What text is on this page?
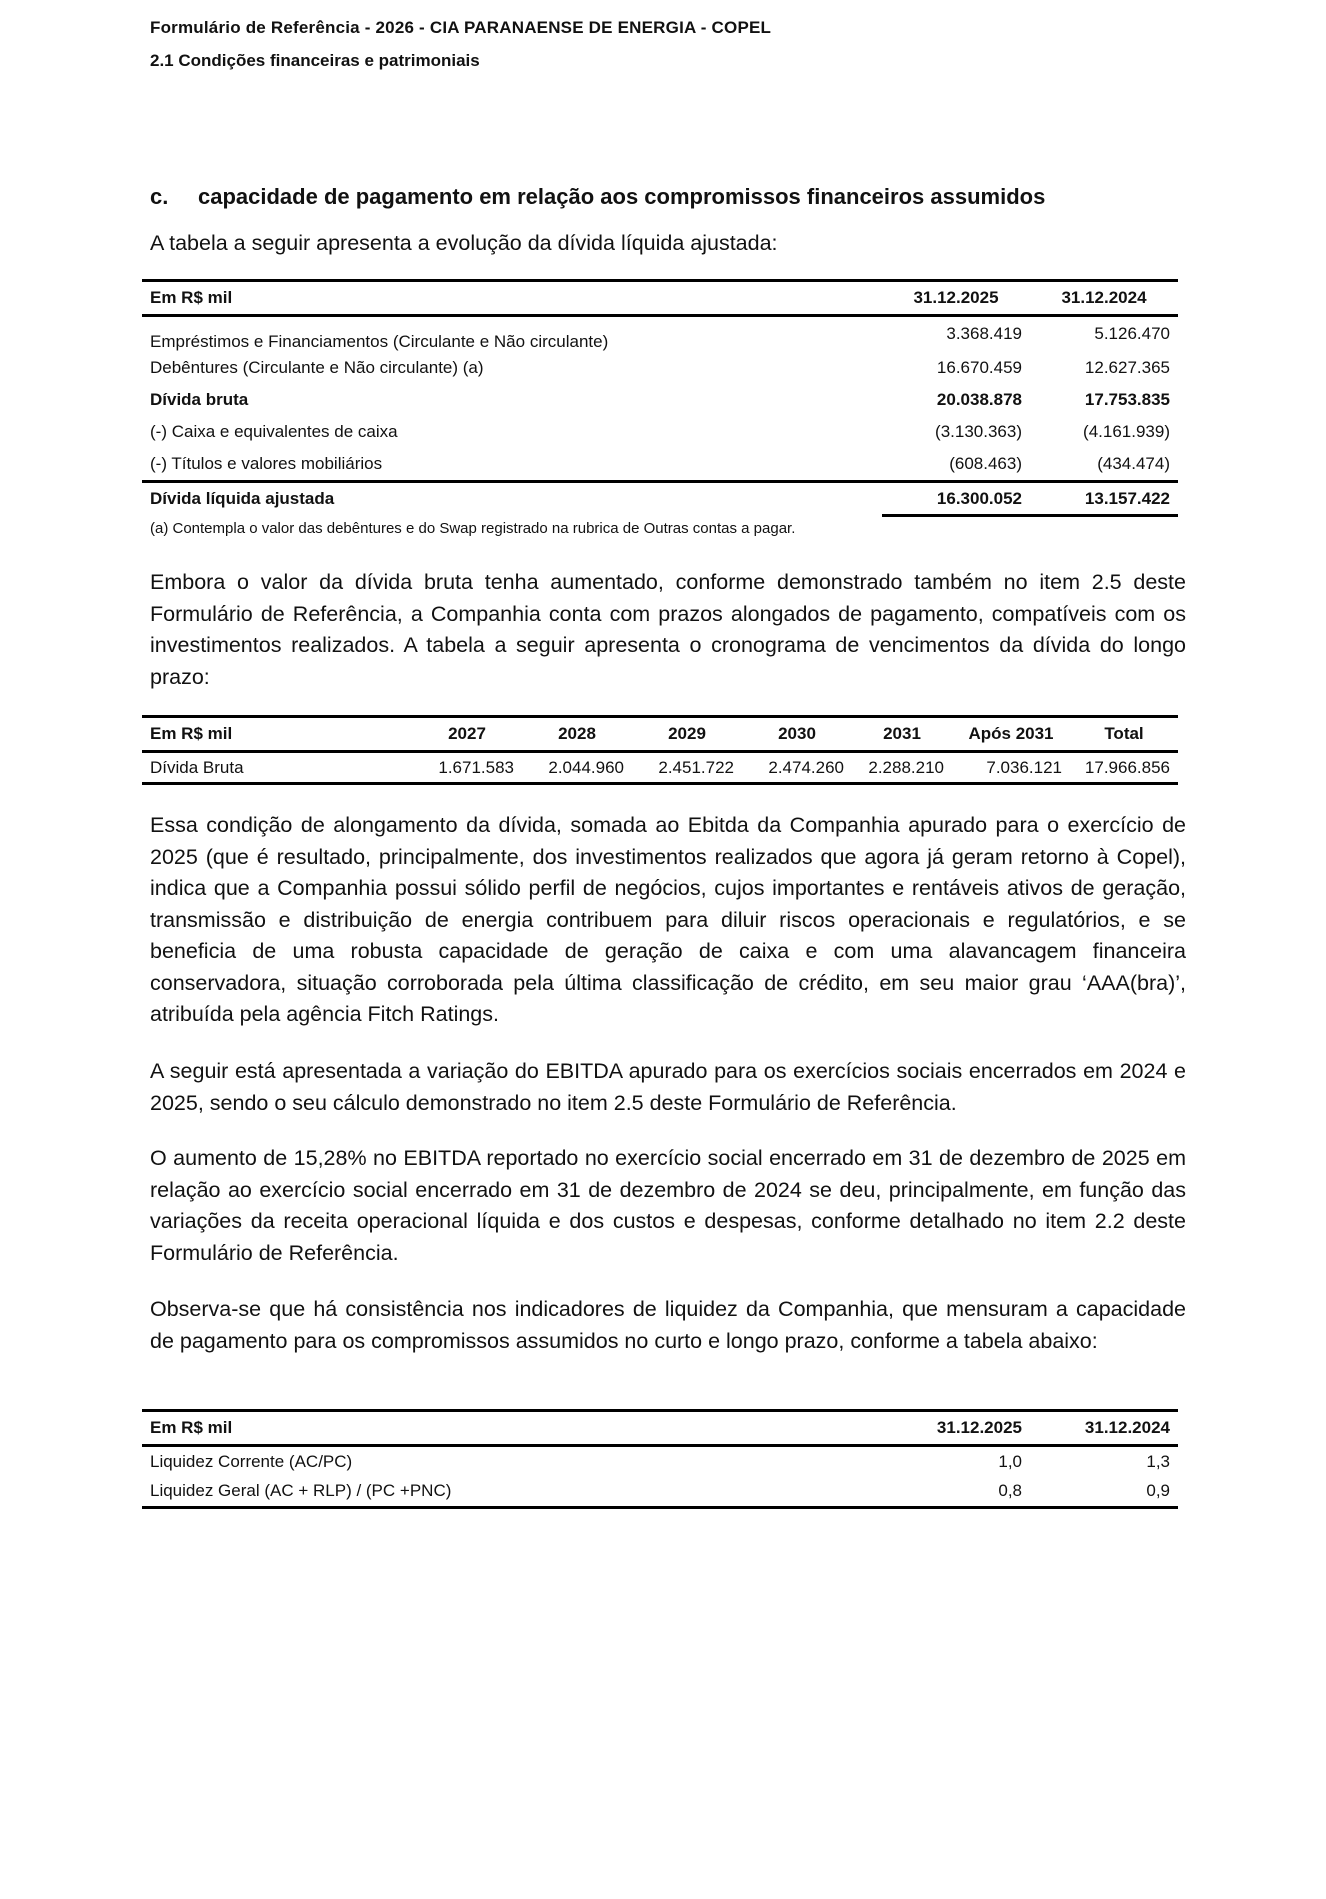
Formulário de Referência - 2026 - CIA PARANAENSE DE ENERGIA - COPEL
2.1 Condições financeiras e patrimoniais
c. capacidade de pagamento em relação aos compromissos financeiros assumidos

A tabela a seguir apresenta a evolução da dívida líquida ajustada:

Em R$ mil	31.12.2025	31.12.2024
Empréstimos e Financiamentos (Circulante e Não circulante)	3.368.419	5.126.470
Debêntures (Circulante e Não circulante) (a)	16.670.459	12.627.365
Dívida bruta	20.038.878	17.753.835
(-) Caixa e equivalentes de caixa	(3.130.363)	(4.161.939)
(-) Títulos e valores mobiliários	(608.463)	(434.474)
Dívida líquida ajustada	16.300.052	13.157.422
(a) Contempla o valor das debêntures e do Swap registrado na rubrica de Outras contas a pagar.

Embora o valor da dívida bruta tenha aumentado, conforme demonstrado também no item 2.5 deste Formulário de Referência, a Companhia conta com prazos alongados de pagamento, compatíveis com os investimentos realizados. A tabela a seguir apresenta o cronograma de vencimentos da dívida do longo prazo:

Em R$ mil	2027	2028	2029	2030	2031	Após 2031	Total
Dívida Bruta	1.671.583	2.044.960	2.451.722	2.474.260	2.288.210	7.036.121	17.966.856

Essa condição de alongamento da dívida, somada ao Ebitda da Companhia apurado para o exercício de 2025 (que é resultado, principalmente, dos investimentos realizados que agora já geram retorno à Copel), indica que a Companhia possui sólido perfil de negócios, cujos importantes e rentáveis ativos de geração, transmissão e distribuição de energia contribuem para diluir riscos operacionais e regulatórios, e se beneficia de uma robusta capacidade de geração de caixa e com uma alavancagem financeira conservadora, situação corroborada pela última classificação de crédito, em seu maior grau ‘AAA(bra)’, atribuída pela agência Fitch Ratings.

A seguir está apresentada a variação do EBITDA apurado para os exercícios sociais encerrados em 2024 e 2025, sendo o seu cálculo demonstrado no item 2.5 deste Formulário de Referência.

O aumento de 15,28% no EBITDA reportado no exercício social encerrado em 31 de dezembro de 2025 em relação ao exercício social encerrado em 31 de dezembro de 2024 se deu, principalmente, em função das variações da receita operacional líquida e dos custos e despesas, conforme detalhado no item 2.2 deste Formulário de Referência.

Observa-se que há consistência nos indicadores de liquidez da Companhia, que mensuram a capacidade de pagamento para os compromissos assumidos no curto e longo prazo, conforme a tabela abaixo:

Em R$ mil	31.12.2025	31.12.2024
Liquidez Corrente (AC/PC)	1,0	1,3
Liquidez Geral (AC + RLP) / (PC +PNC)	0,8	0,9
